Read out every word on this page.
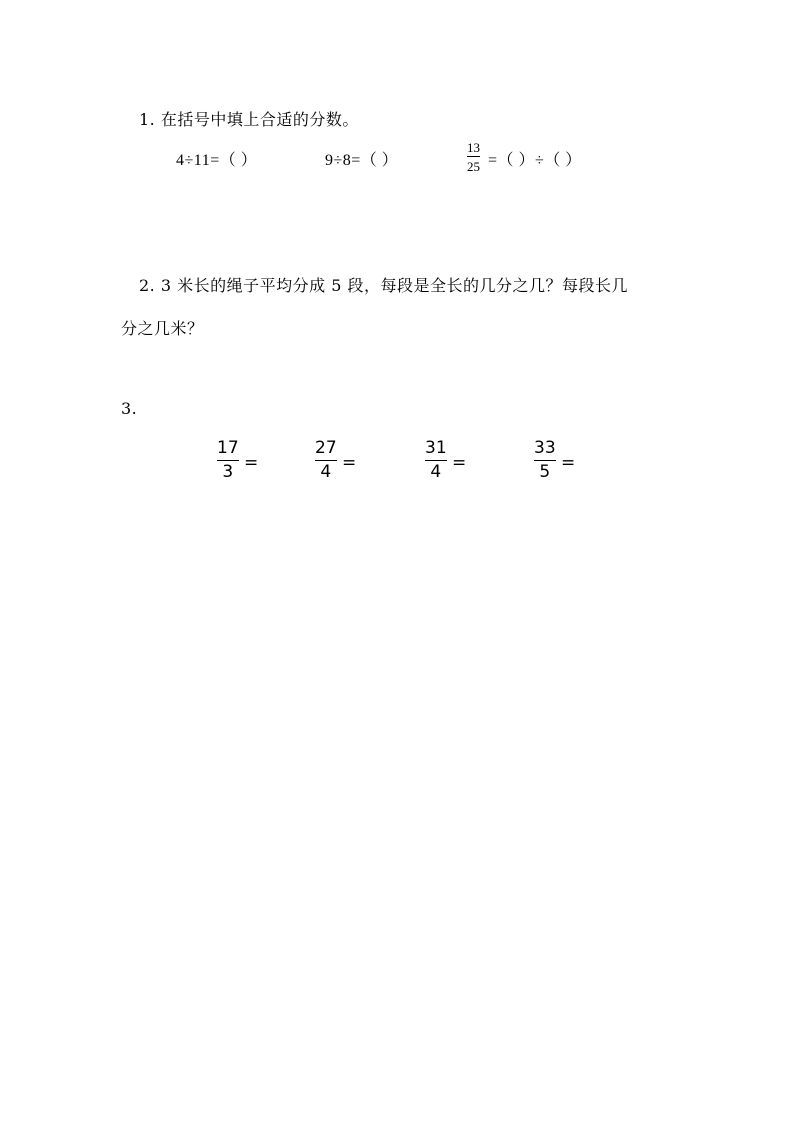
1. 在括号中填上合适的分数。
4÷11=（ ）	9÷8=（ ）
13
25 =（ ）÷（ ）
2. 3 米长的绳子平均分成 5 段，每段是全长的几分之几？每段长几
分之几米？
3.
17
3 =
27
4 =
31
4 =
33
5 =
